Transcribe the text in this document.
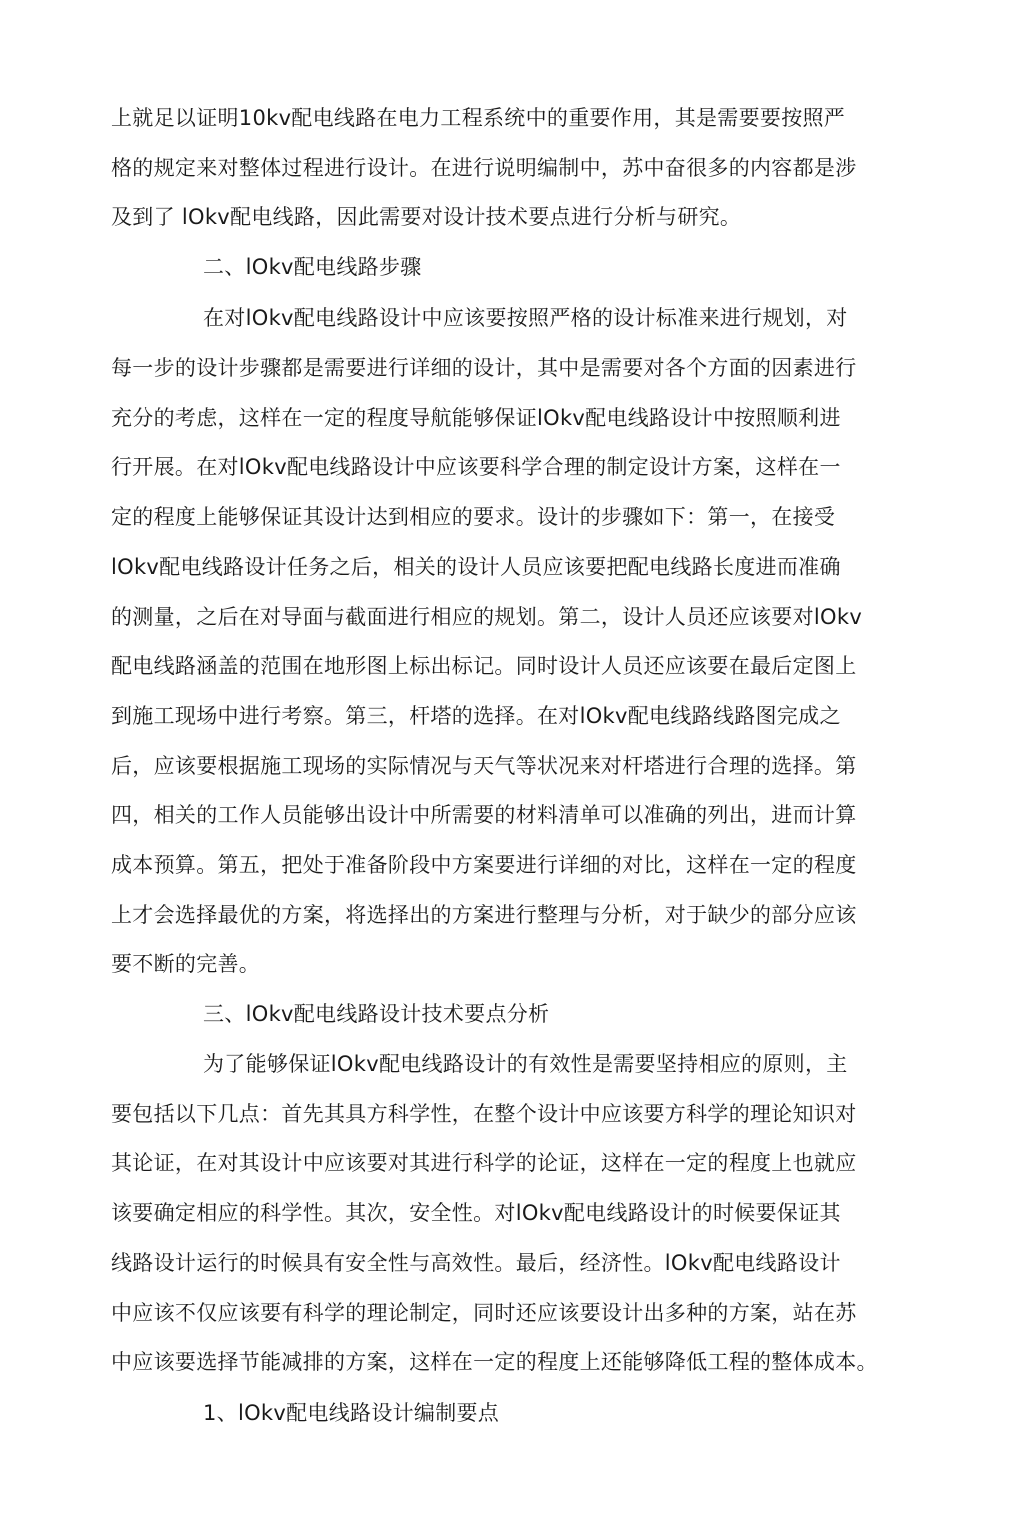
上就足以证明10kv配电线路在电力工程系统中的重要作用，其是需要要按照严
格的规定来对整体过程进行设计。在进行说明编制中，苏中奋很多的内容都是涉
及到了 lOkv配电线路，因此需要对设计技术要点进行分析与研究。
二、lOkv配电线路步骤
在对lOkv配电线路设计中应该要按照严格的设计标准来进行规划，对
每一步的设计步骤都是需要进行详细的设计，其中是需要对各个方面的因素进行
充分的考虑，这样在一定的程度导航能够保证lOkv配电线路设计中按照顺利进
行开展。在对lOkv配电线路设计中应该要科学合理的制定设计方案，这样在一
定的程度上能够保证其设计达到相应的要求。设计的步骤如下：第一，在接受
lOkv配电线路设计任务之后，相关的设计人员应该要把配电线路长度进而准确
的测量，之后在对导面与截面进行相应的规划。第二，设计人员还应该要对lOkv
配电线路涵盖的范围在地形图上标出标记。同时设计人员还应该要在最后定图上
到施工现场中进行考察。第三，杆塔的选择。在对lOkv配电线路线路图完成之
后，应该要根据施工现场的实际情况与天气等状况来对杆塔进行合理的选择。第
四，相关的工作人员能够出设计中所需要的材料清单可以准确的列出，进而计算
成本预算。第五，把处于准备阶段中方案要进行详细的对比，这样在一定的程度
上才会选择最优的方案，将选择出的方案进行整理与分析，对于缺少的部分应该
要不断的完善。
三、lOkv配电线路设计技术要点分析
为了能够保证lOkv配电线路设计的有效性是需要坚持相应的原则，主
要包括以下几点：首先其具方科学性，在整个设计中应该要方科学的理论知识对
其论证，在对其设计中应该要对其进行科学的论证，这样在一定的程度上也就应
该要确定相应的科学性。其次，安全性。对lOkv配电线路设计的时候要保证其
线路设计运行的时候具有安全性与高效性。最后，经济性。lOkv配电线路设计
中应该不仅应该要有科学的理论制定，同时还应该要设计出多种的方案，站在苏
中应该要选择节能减排的方案，这样在一定的程度上还能够降低工程的整体成本。
1、lOkv配电线路设计编制要点
